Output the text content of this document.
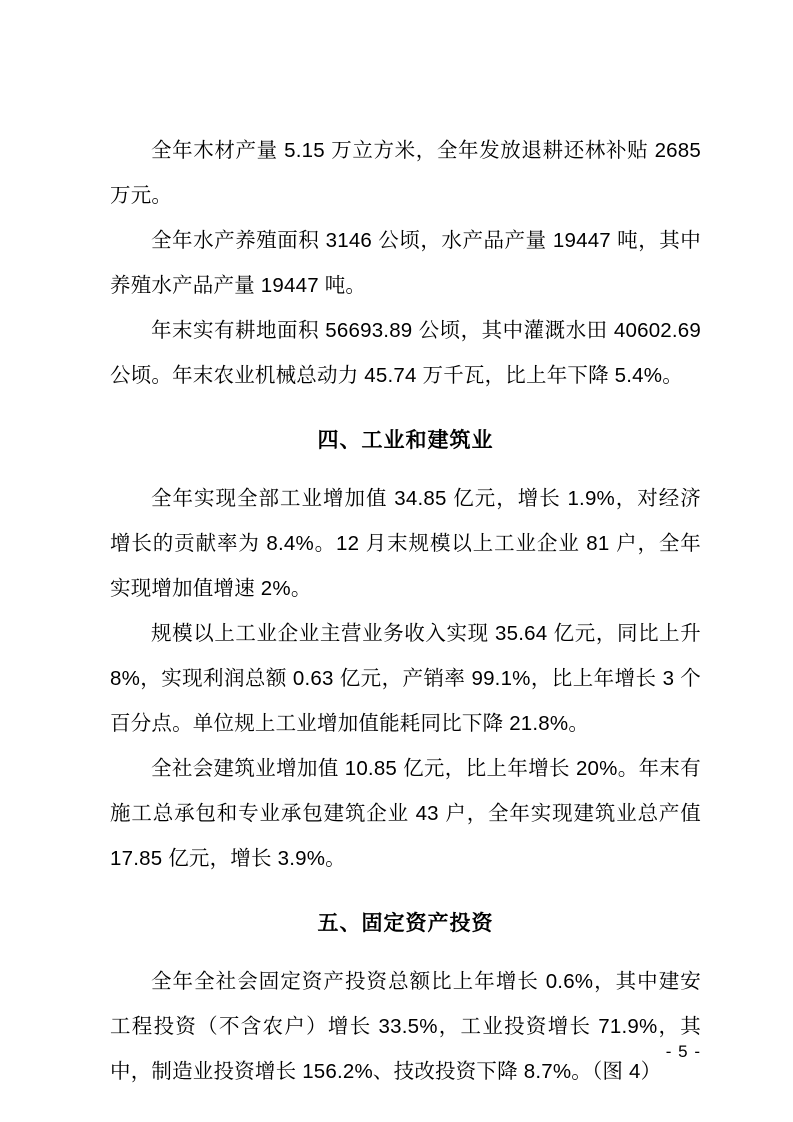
全年木材产量 5.15 万立方米，全年发放退耕还林补贴 2685 万元。

全年水产养殖面积 3146 公顷，水产品产量 19447 吨，其中养殖水产品产量 19447 吨。

年末实有耕地面积 56693.89 公顷，其中灌溉水田 40602.69 公顷。年末农业机械总动力 45.74 万千瓦，比上年下降 5.4%。

四、工业和建筑业

全年实现全部工业增加值 34.85 亿元，增长 1.9%，对经济增长的贡献率为 8.4%。12 月末规模以上工业企业 81 户，全年实现增加值增速 2%。

规模以上工业企业主营业务收入实现 35.64 亿元，同比上升 8%，实现利润总额 0.63 亿元，产销率 99.1%，比上年增长 3 个百分点。单位规上工业增加值能耗同比下降 21.8%。

全社会建筑业增加值 10.85 亿元，比上年增长 20%。年末有施工总承包和专业承包建筑企业 43 户，全年实现建筑业总产值 17.85 亿元，增长 3.9%。

五、固定资产投资

全年全社会固定资产投资总额比上年增长 0.6%，其中建安工程投资（不含农户）增长 33.5%，工业投资增长 71.9%，其中，制造业投资增长 156.2%、技改投资下降 8.7%。（图 4）

- 5 -
